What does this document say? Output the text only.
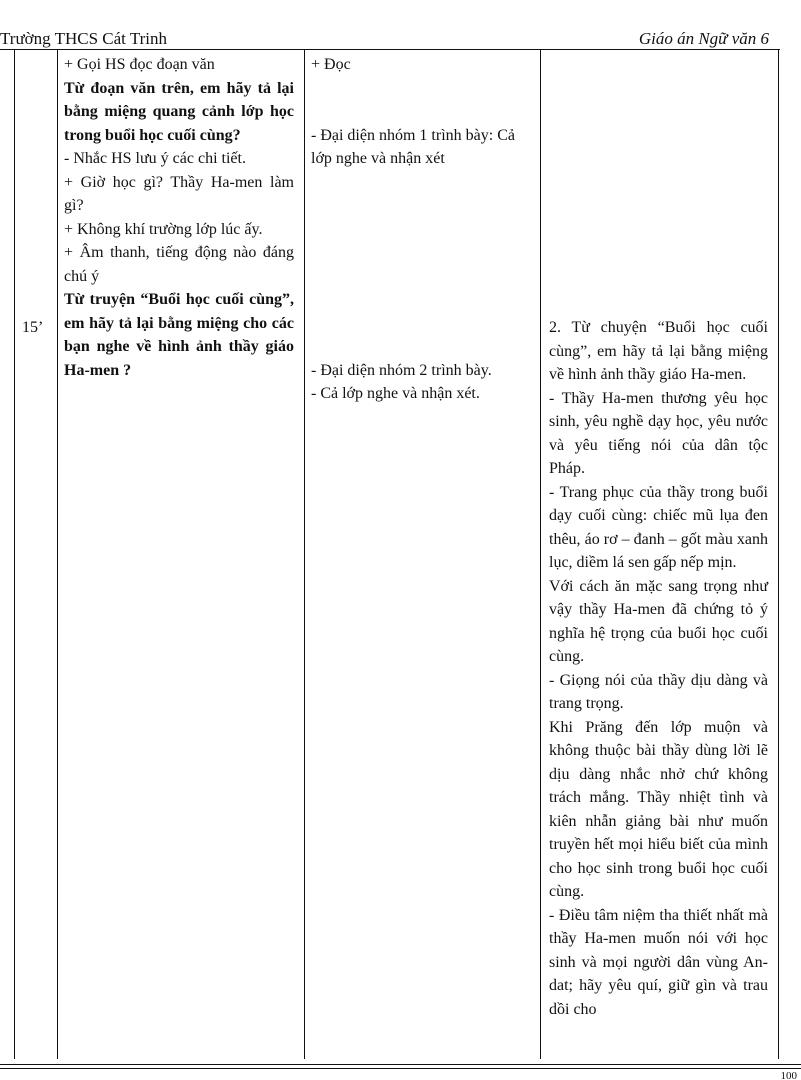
Trường THCS Cát Trinh	Giáo án Ngữ văn 6
15’

+ Gọi HS đọc đoạn văn

Từ đoạn văn trên, em hãy tả lại bằng miệng quang cảnh lớp học trong buổi học cuối cùng?

- Nhắc HS lưu ý các chi tiết.

+ Giờ học gì? Thầy Ha-men làm gì?

+ Không khí trường lớp lúc ấy.

+ Âm thanh, tiếng động nào đáng chú ý

Từ truyện “Buổi học cuối cùng”, em hãy tả lại bằng miệng cho các bạn nghe về hình ảnh thầy giáo Ha-men ?

+ Đọc

- Đại diện nhóm 1 trình bày: Cả lớp nghe và nhận xét

- Đại diện nhóm 2 trình bày.

- Cả lớp nghe và nhận xét.

2. Từ chuyện “Buổi học cuối cùng”, em hãy tả lại bằng miệng về hình ảnh thầy giáo Ha-men.

- Thầy Ha-men thương yêu học sinh, yêu nghề dạy học, yêu nước và yêu tiếng nói của dân tộc Pháp.

- Trang phục của thầy trong buổi dạy cuối cùng: chiếc mũ lụa đen thêu, áo rơ – đanh – gốt màu xanh lục, diềm lá sen gấp nếp mịn.

Với cách ăn mặc sang trọng như vậy thầy Ha-men đã chứng tỏ ý nghĩa hệ trọng của buổi học cuối cùng.

- Giọng nói của thầy dịu dàng và trang trọng.

Khi Prăng đến lớp muộn và không thuộc bài thầy dùng lời lẽ dịu dàng nhắc nhở chứ không trách mắng. Thầy nhiệt tình và kiên nhẫn giảng bài như muốn truyền hết mọi hiểu biết của mình cho học sinh trong buổi học cuối cùng.

- Điều tâm niệm tha thiết nhất mà thầy Ha-men muốn nói với học sinh và mọi người dân vùng An-dat; hãy yêu quí, giữ gìn và trau dồi cho

100
